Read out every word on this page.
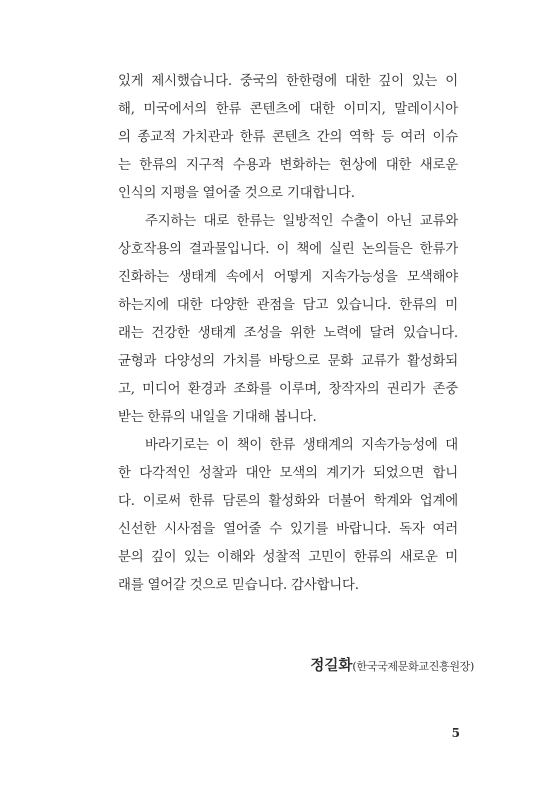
있게 제시했습니다. 중국의 한한령에 대한 깊이 있는 이
해, 미국에서의 한류 콘텐츠에 대한 이미지, 말레이시아
의 종교적 가치관과 한류 콘텐츠 간의 역학 등 여러 이슈
는 한류의 지구적 수용과 변화하는 현상에 대한 새로운
인식의 지평을 열어줄 것으로 기대합니다.

주지하는 대로 한류는 일방적인 수출이 아닌 교류와
상호작용의 결과물입니다. 이 책에 실린 논의들은 한류가
진화하는 생태계 속에서 어떻게 지속가능성을 모색해야
하는지에 대한 다양한 관점을 담고 있습니다. 한류의 미
래는 건강한 생태계 조성을 위한 노력에 달려 있습니다.
균형과 다양성의 가치를 바탕으로 문화 교류가 활성화되
고, 미디어 환경과 조화를 이루며, 창작자의 권리가 존중
받는 한류의 내일을 기대해 봅니다.

바라기로는 이 책이 한류 생태계의 지속가능성에 대
한 다각적인 성찰과 대안 모색의 계기가 되었으면 합니
다. 이로써 한류 담론의 활성화와 더불어 학계와 업계에
신선한 시사점을 열어줄 수 있기를 바랍니다. 독자 여러
분의 깊이 있는 이해와 성찰적 고민이 한류의 새로운 미
래를 열어갈 것으로 믿습니다. 감사합니다.

정길화(한국국제문화교진흥원장)
5
